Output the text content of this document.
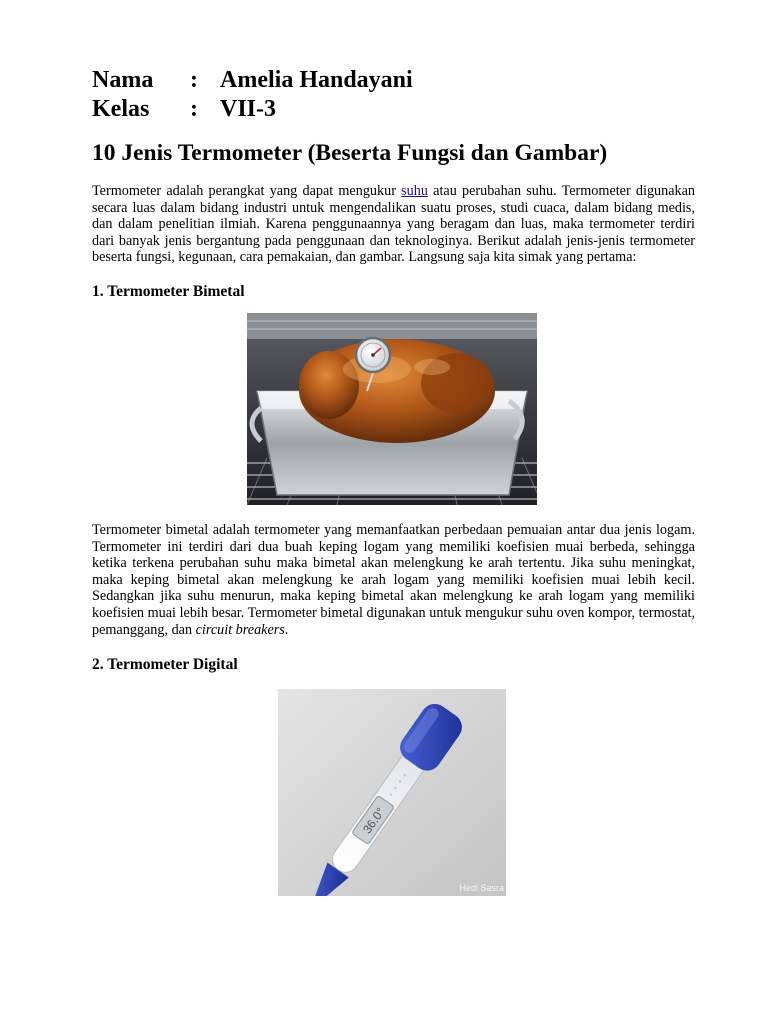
Nama	: Amelia Handayani
Kelas	: VII-3
10 Jenis Termometer (Beserta Fungsi dan Gambar)

Termometer adalah perangkat yang dapat mengukur suhu atau perubahan suhu. Termometer digunakan secara luas dalam bidang industri untuk mengendalikan suatu proses, studi cuaca, dalam bidang medis, dan dalam penelitian ilmiah. Karena penggunaannya yang beragam dan luas, maka termometer terdiri dari banyak jenis bergantung pada penggunaan dan teknologinya. Berikut adalah jenis-jenis termometer beserta fungsi, kegunaan, cara pemakaian, dan gambar. Langsung saja kita simak yang pertama:

1. Termometer Bimetal

Termometer bimetal adalah termometer yang memanfaatkan perbedaan pemuaian antar dua jenis logam. Termometer ini terdiri dari dua buah keping logam yang memiliki koefisien muai berbeda, sehingga ketika terkena perubahan suhu maka bimetal akan melengkung ke arah tertentu. Jika suhu meningkat, maka keping bimetal akan melengkung ke arah logam yang memiliki koefisien muai lebih kecil. Sedangkan jika suhu menurun, maka keping bimetal akan melengkung ke arah logam yang memiliki koefisien muai lebih besar. Termometer bimetal digunakan untuk mengukur suhu oven kompor, termostat, pemanggang, dan circuit breakers.

2. Termometer Digital
36.0°
Hedi Sasra
